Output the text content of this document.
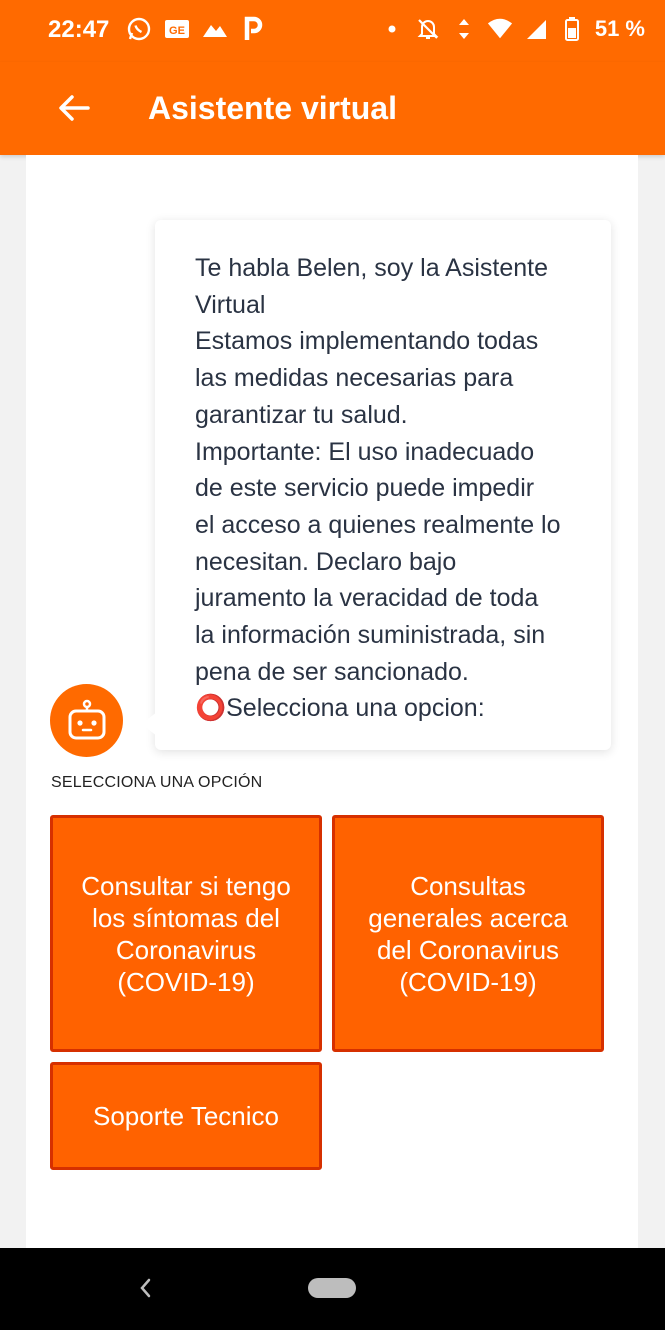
22:47	GE	51 %
Asistente virtual
Te habla Belen, soy la Asistente
Virtual
Estamos implementando todas
las medidas necesarias para
garantizar tu salud.
Importante: El uso inadecuado
de este servicio puede impedir
el acceso a quienes realmente lo
necesitan. Declaro bajo
juramento la veracidad de toda
la información suministrada, sin
pena de ser sancionado.
⭕Selecciona una opcion:
SELECCIONA UNA OPCIÓN
Consultar si tengo los síntomas del Coronavirus (COVID-19)
Consultas generales acerca del Coronavirus (COVID-19)
Soporte Tecnico
